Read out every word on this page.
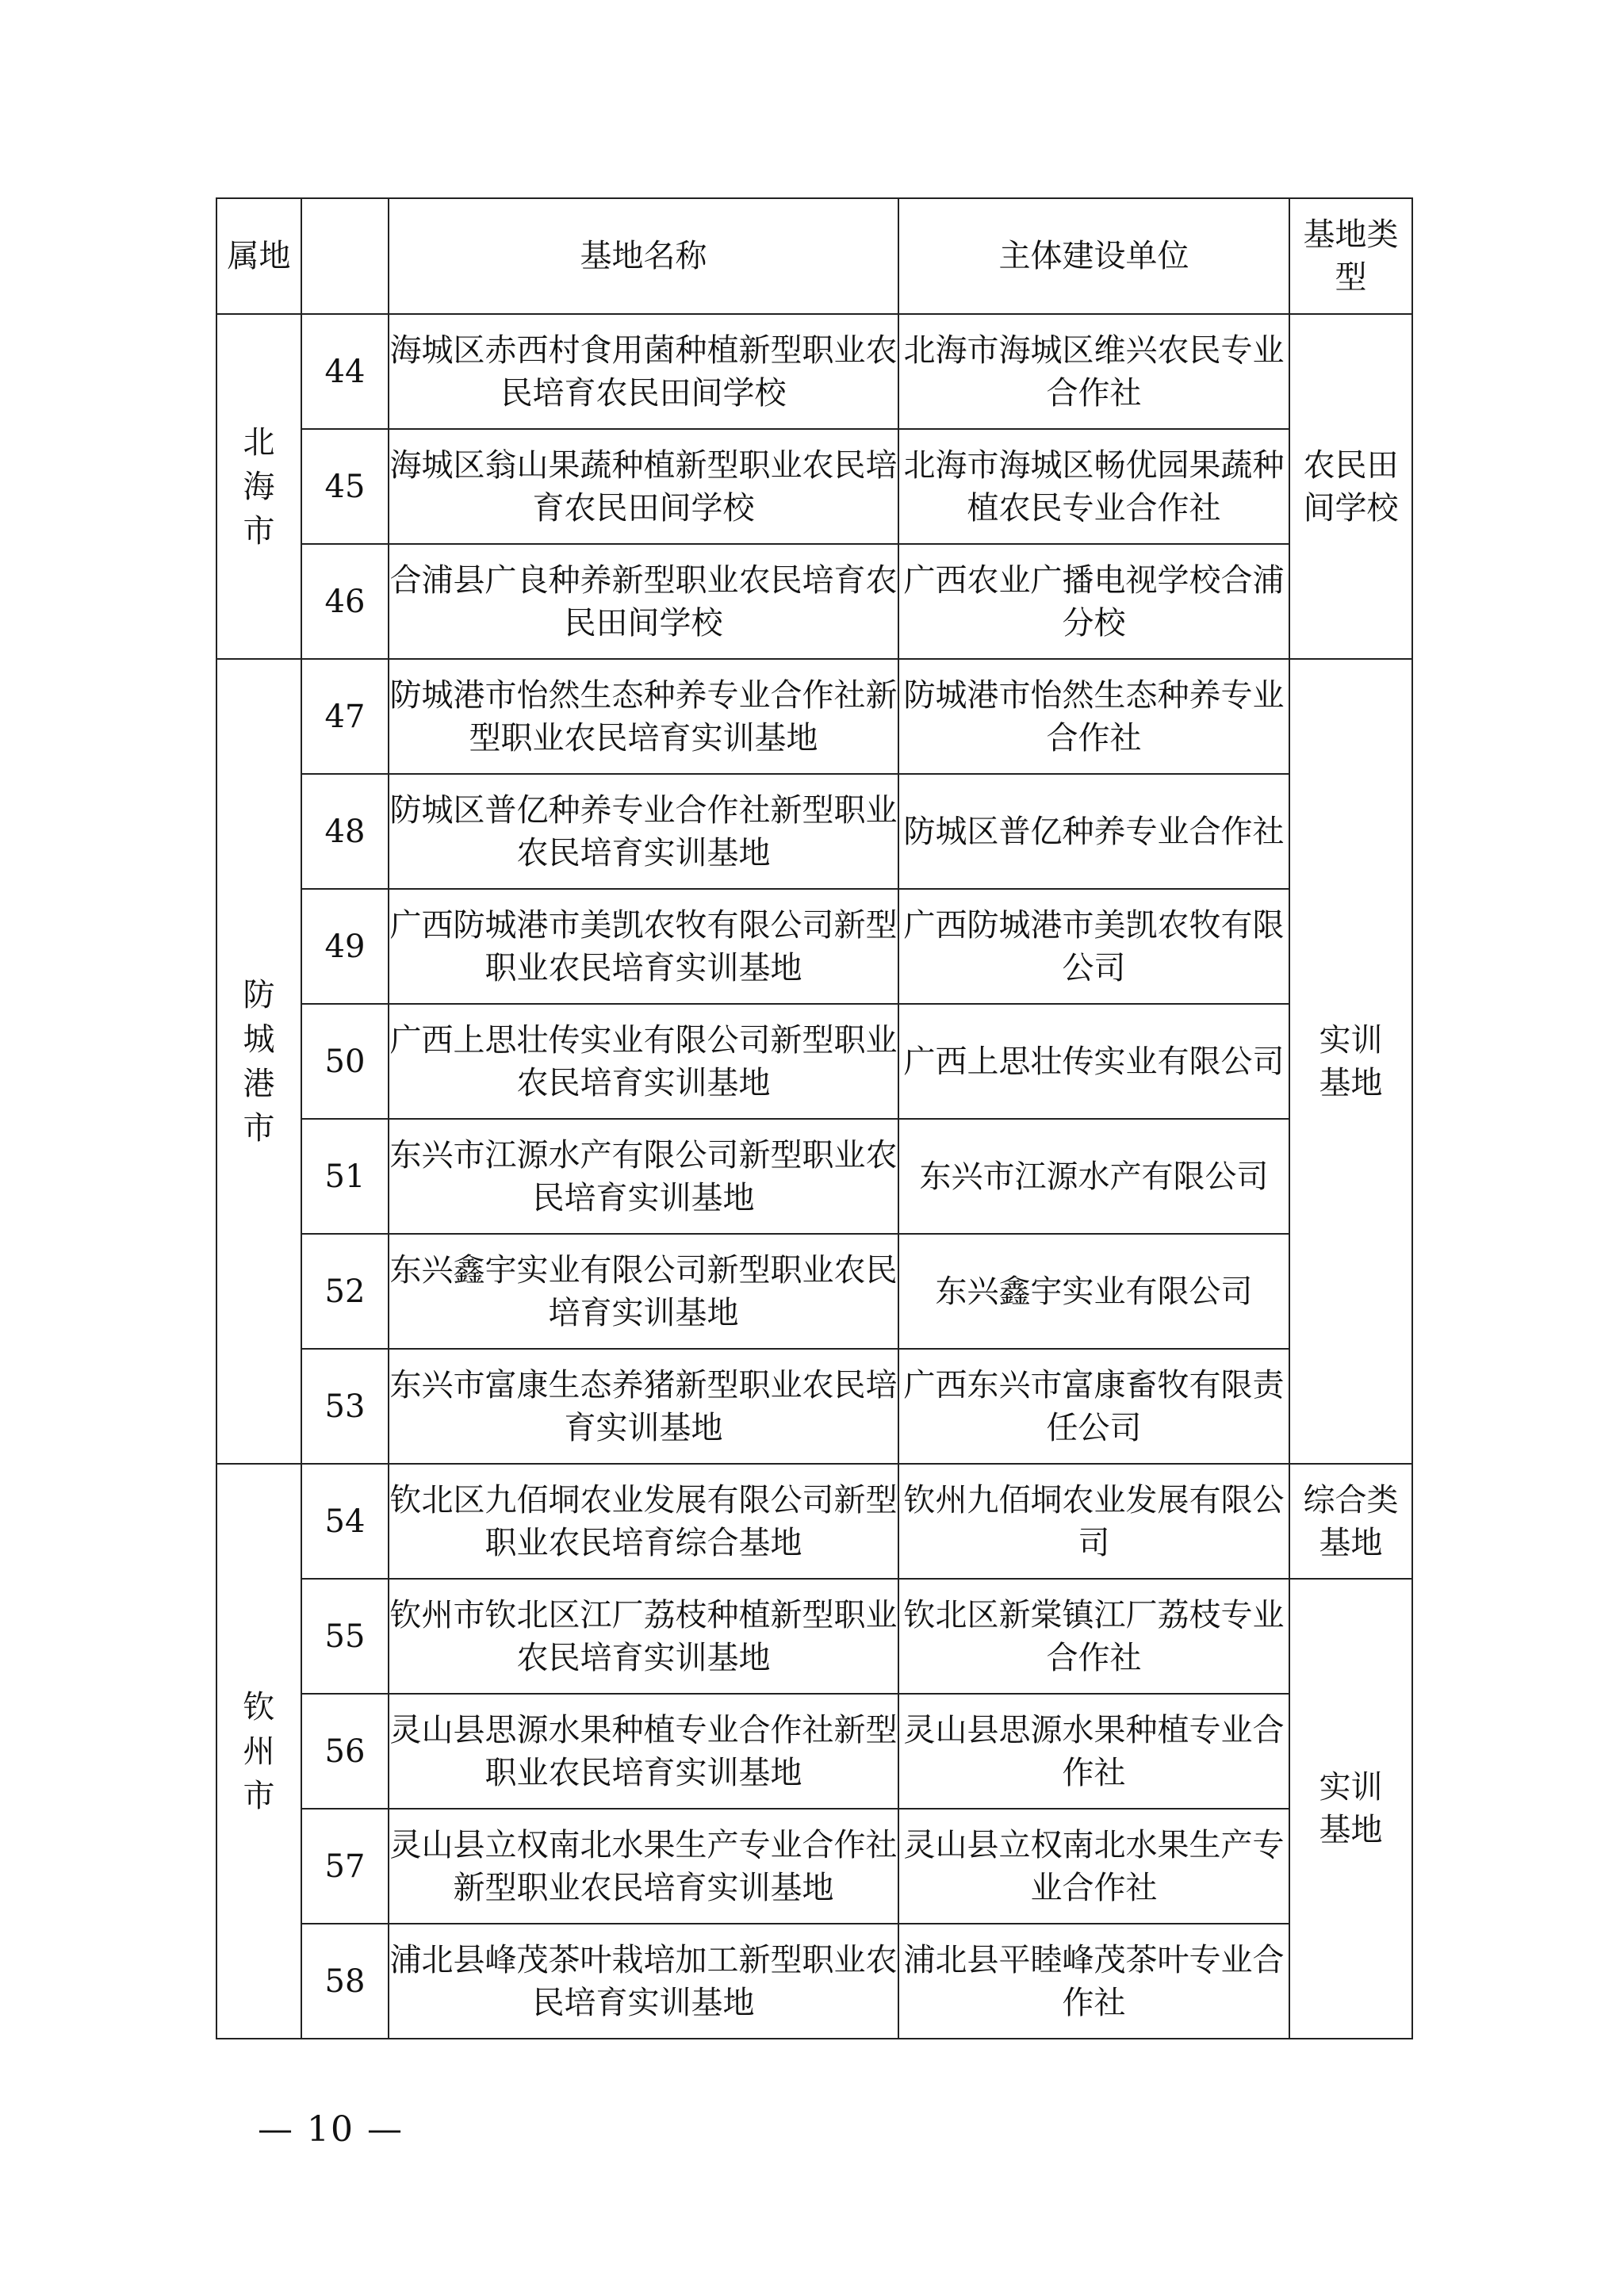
属地		基地名称	主体建设单位	基地类型

北海市	44	海城区赤西村食用菌种植新型职业农民培育农民田间学校	北海市海城区维兴农民专业合作社	农民田间学校
	45	海城区翁山果蔬种植新型职业农民培育农民田间学校	北海市海城区畅优园果蔬种植农民专业合作社	
	46	合浦县广良种养新型职业农民培育农民田间学校	广西农业广播电视学校合浦分校	

防城港市	47	防城港市怡然生态种养专业合作社新型职业农民培育实训基地	防城港市怡然生态种养专业合作社	实训基地
	48	防城区普亿种养专业合作社新型职业农民培育实训基地	防城区普亿种养专业合作社	
	49	广西防城港市美凯农牧有限公司新型职业农民培育实训基地	广西防城港市美凯农牧有限公司	
	50	广西上思壮传实业有限公司新型职业农民培育实训基地	广西上思壮传实业有限公司	
	51	东兴市江源水产有限公司新型职业农民培育实训基地	东兴市江源水产有限公司	
	52	东兴鑫宇实业有限公司新型职业农民培育实训基地	东兴鑫宇实业有限公司	
	53	东兴市富康生态养猪新型职业农民培育实训基地	广西东兴市富康畜牧有限责任公司	

钦州市	54	钦北区九佰垌农业发展有限公司新型职业农民培育综合基地	钦州九佰垌农业发展有限公司	综合类基地
	55	钦州市钦北区江厂荔枝种植新型职业农民培育实训基地	钦北区新棠镇江厂荔枝专业合作社	实训基地
	56	灵山县思源水果种植专业合作社新型职业农民培育实训基地	灵山县思源水果种植专业合作社	
	57	灵山县立权南北水果生产专业合作社新型职业农民培育实训基地	灵山县立权南北水果生产专业合作社	
	58	浦北县峰茂茶叶栽培加工新型职业农民培育实训基地	浦北县平睦峰茂茶叶专业合作社	
— 10 —
